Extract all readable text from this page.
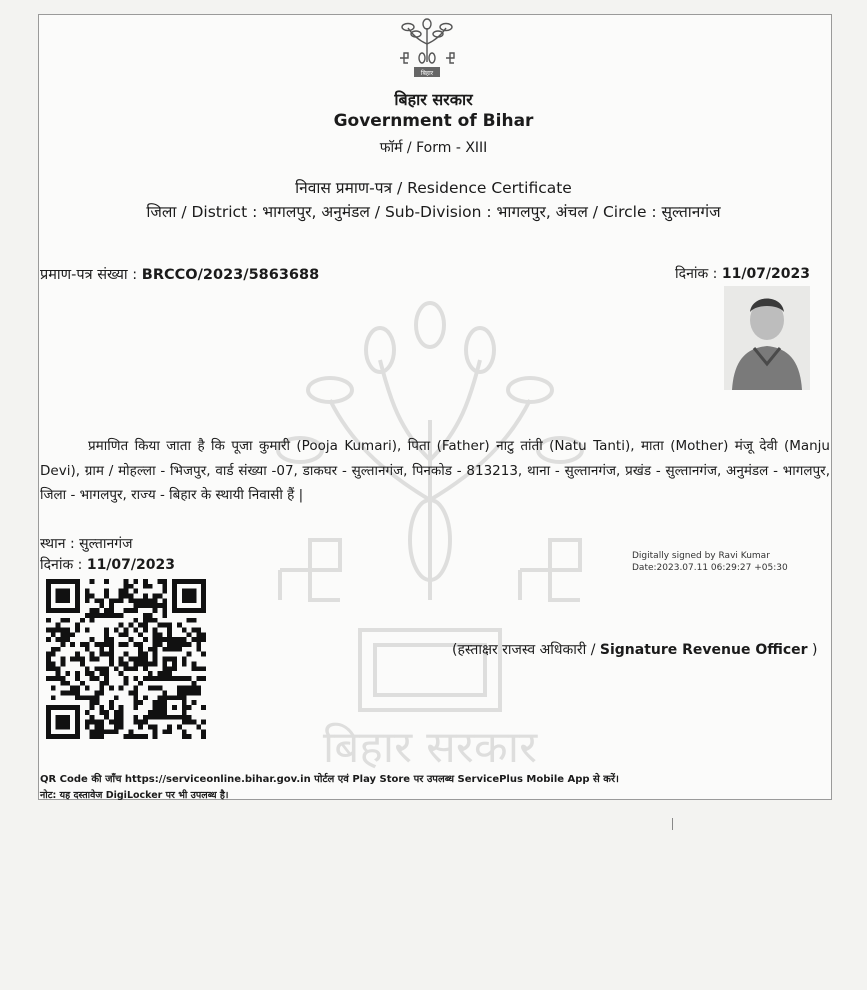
बिहार सरकार
बिहार
बिहार सरकार
Government of Bihar
फॉर्म / Form - XIII
निवास प्रमाण-पत्र / Residence Certificate
जिला / District : भागलपुर, अनुमंडल / Sub-Division : भागलपुर, अंचल / Circle : सुल्तानगंज
प्रमाण-पत्र संख्या : BRCCO/2023/5863688	दिनांक : 11/07/2023
प्रमाणित किया जाता है कि पूजा कुमारी (Pooja Kumari), पिता (Father) नाटु तांती (Natu Tanti), माता (Mother) मंजू देवी (Manju Devi), ग्राम / मोहल्ला - भिजपुर, वार्ड संख्या -07, डाकघर - सुल्तानगंज, पिनकोड - 813213, थाना - सुल्तानगंज, प्रखंड - सुल्तानगंज, अनुमंडल - भागलपुर, जिला - भागलपुर, राज्य - बिहार के स्थायी निवासी हैं |
स्थान : सुल्तानगंज
दिनांक : 11/07/2023
Digitally signed by Ravi Kumar
Date:2023.07.11 06:29:27 +05:30
(हस्ताक्षर राजस्व अधिकारी / Signature Revenue Officer )
QR Code की जाँच https://serviceonline.bihar.gov.in पोर्टल एवं Play Store पर उपलब्ध ServicePlus Mobile App से करें।
नोट: यह दस्तावेज DigiLocker पर भी उपलब्ध है।
